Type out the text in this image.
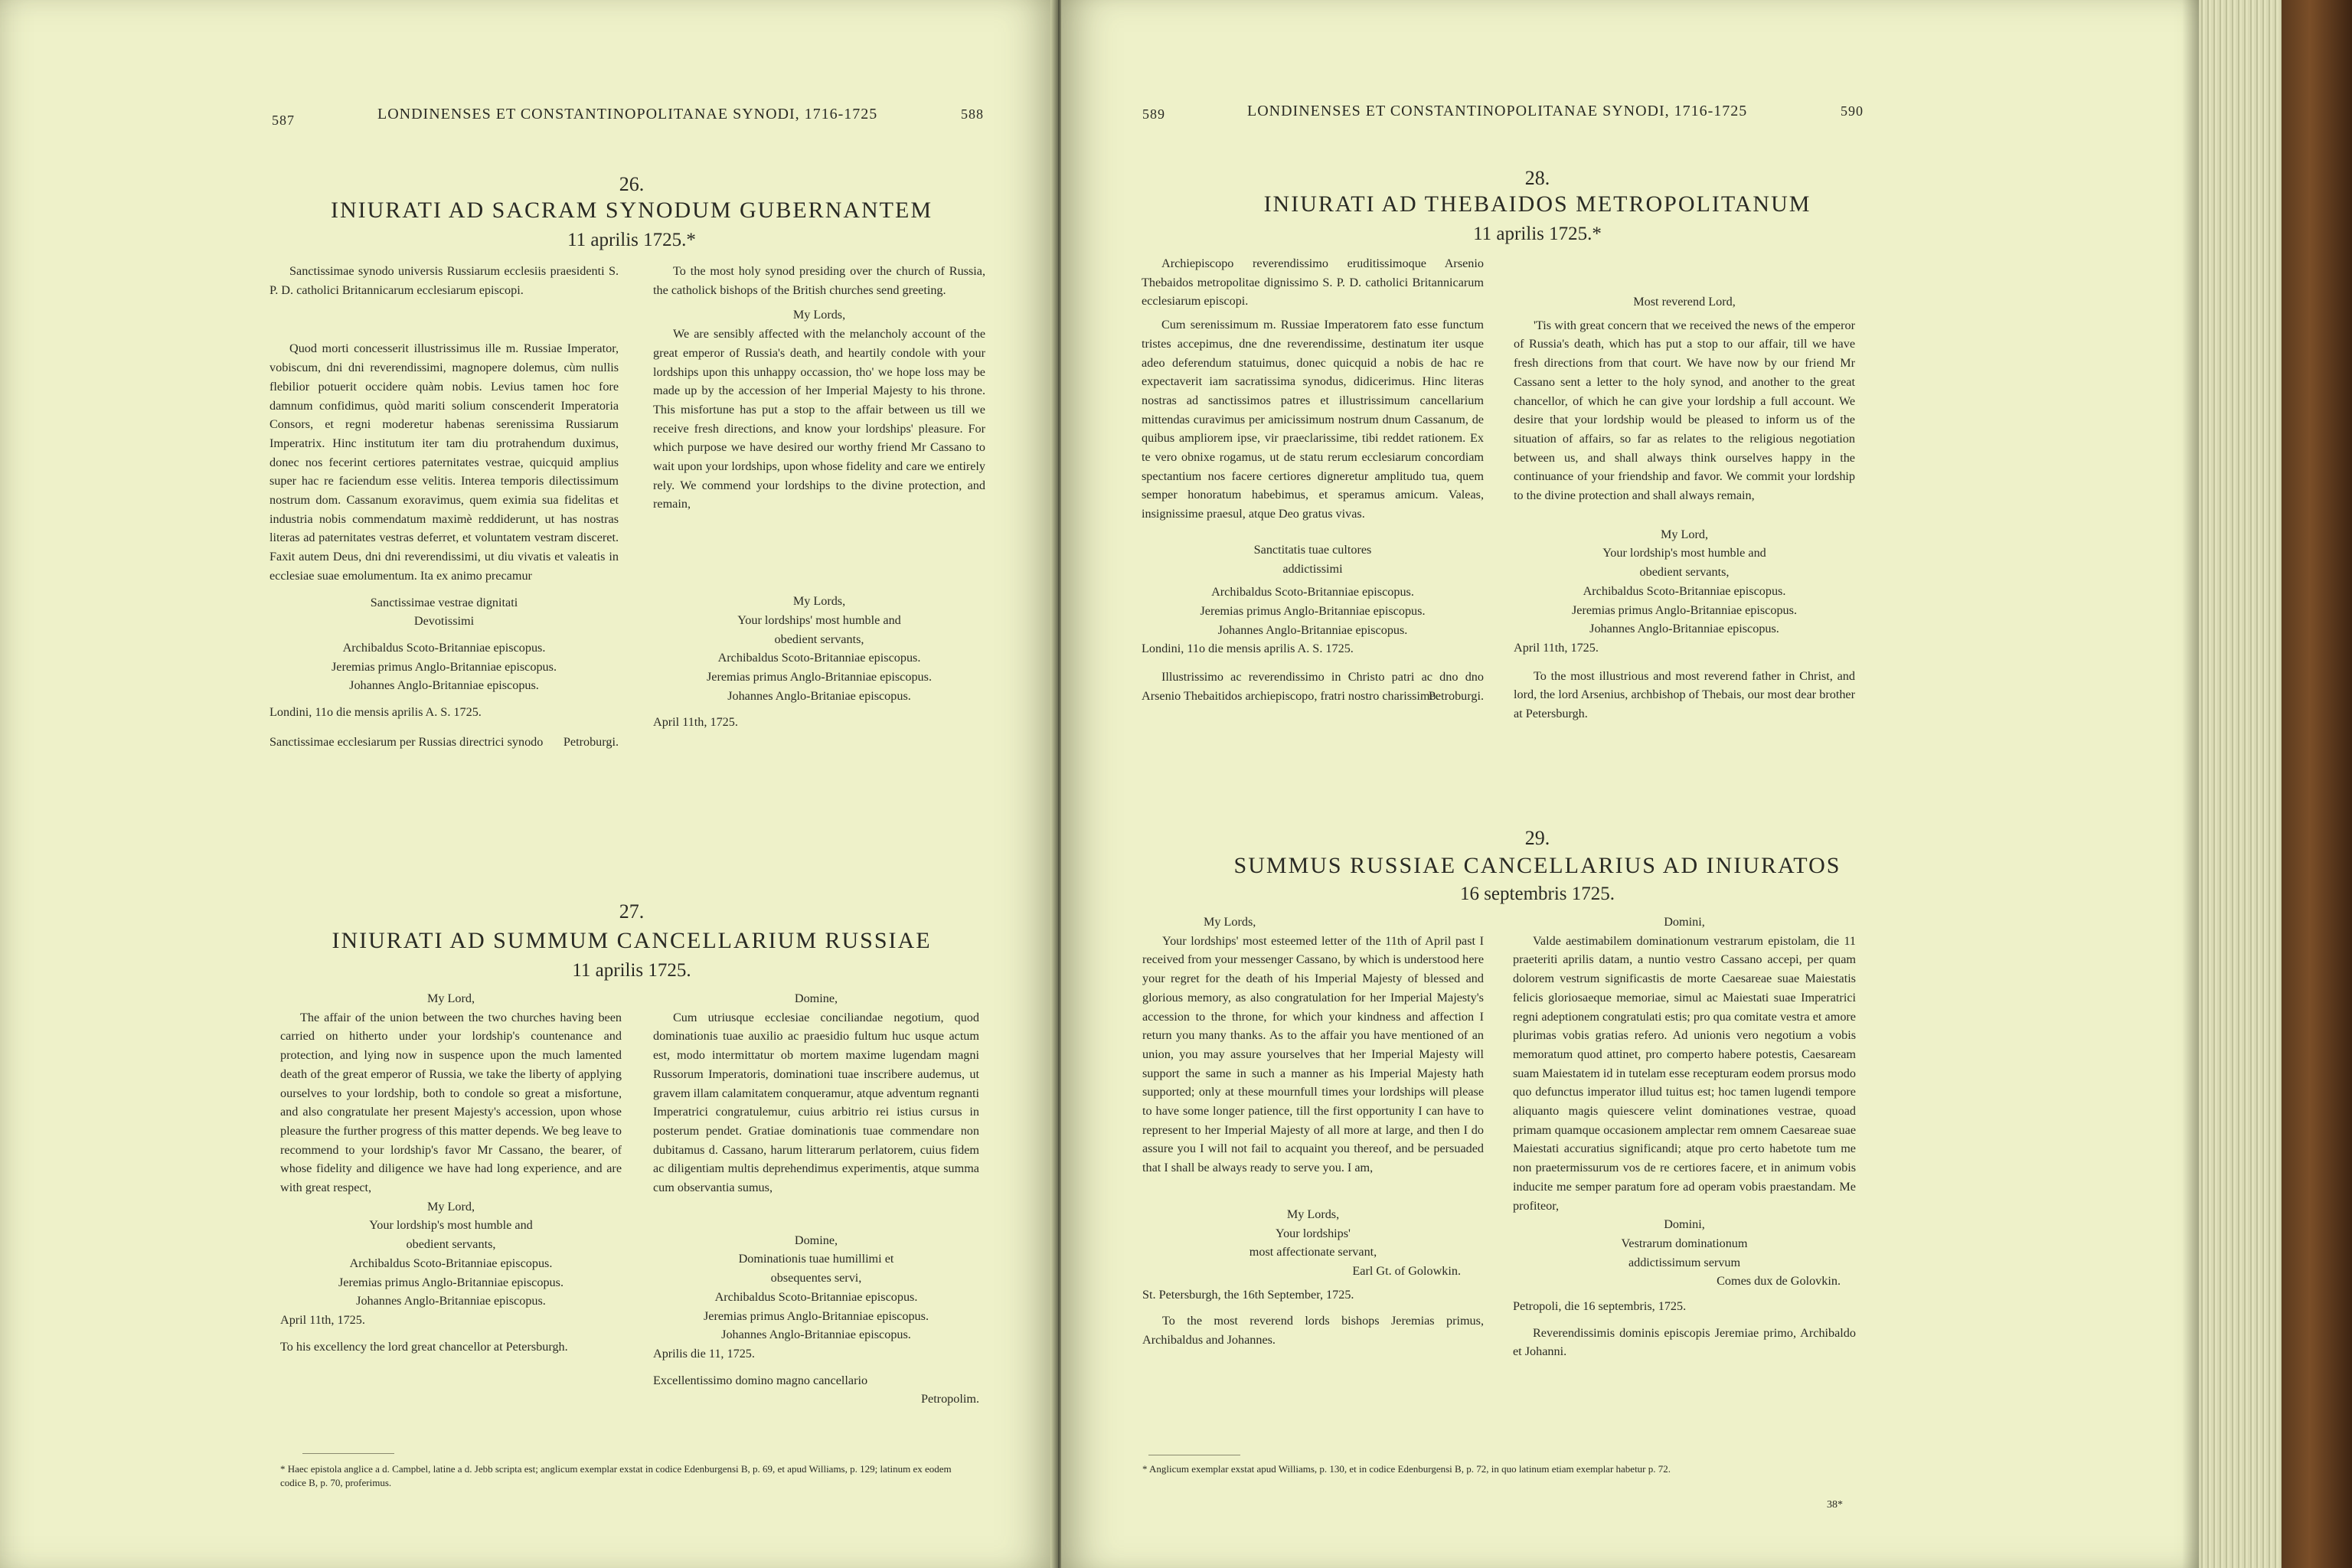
587	LONDINENSES ET CONSTANTINOPOLITANAE SYNODI, 1716-1725	588
26.
INIURATI AD SACRAM SYNODUM GUBERNANTEM
11 aprilis 1725.*

Sanctissimae synodo universis Russiarum ecclesiis praesidenti S. P. D. catholici Britannicarum ecclesiarum episcopi.

Quod morti concesserit illustrissimus ille m. Russiae Imperator, vobiscum, dni dni reverendissimi, magnopere dolemus, cùm nullis flebilior potuerit occidere quàm nobis. Levius tamen hoc fore damnum confidimus, quòd mariti solium conscenderit Imperatoria Consors, et regni moderetur habenas serenissima Russiarum Imperatrix. Hinc institutum iter tam diu protrahendum duximus, donec nos fecerint certiores paternitates vestrae, quicquid amplius super hac re faciendum esse velitis. Interea temporis dilectissimum nostrum dom. Cassanum exoravimus, quem eximia sua fidelitas et industria nobis commendatum maximè reddiderunt, ut has nostras literas ad paternitates vestras deferret, et voluntatem vestram disceret. Faxit autem Deus, dni dni reverendissimi, ut diu vivatis et valeatis in ecclesiae suae emolumentum. Ita ex animo precamur

Sanctissimae vestrae dignitati

Devotissimi

Archibaldus Scoto-Britanniae episcopus.

Jeremias primus Anglo-Britanniae episcopus.

Johannes Anglo-Britanniae episcopus.

Londini, 11o die mensis aprilis A. S. 1725.

Sanctissimae ecclesiarum per Russias directrici synodo	Petroburgi.

To the most holy synod presiding over the church of Russia, the catholick bishops of the British churches send greeting.

My Lords,

We are sensibly affected with the melancholy account of the great emperor of Russia's death, and heartily condole with your lordships upon this unhappy occassion, tho' we hope loss may be made up by the accession of her Imperial Majesty to his throne. This misfortune has put a stop to the affair between us till we receive fresh directions, and know your lordships' pleasure. For which purpose we have desired our worthy friend Mr Cassano to wait upon your lordships, upon whose fidelity and care we entirely rely. We commend your lordships to the divine protection, and remain,

My Lords,

Your lordships' most humble and

obedient servants,

Archibaldus Scoto-Britanniae episcopus.

Jeremias primus Anglo-Britanniae episcopus.

Johannes Anglo-Britaniae episcopus.

April 11th, 1725.

27.
INIURATI AD SUMMUM CANCELLARIUM RUSSIAE
11 aprilis 1725.

My Lord,

The affair of the union between the two churches having been carried on hitherto under your lordship's countenance and protection, and lying now in suspence upon the much lamented death of the great emperor of Russia, we take the liberty of applying ourselves to your lordship, both to condole so great a misfortune, and also congratulate her present Majesty's accession, upon whose pleasure the further progress of this matter depends. We beg leave to recommend to your lordship's favor Mr Cassano, the bearer, of whose fidelity and diligence we have had long experience, and are with great respect,

My Lord,

Your lordship's most humble and

obedient servants,

Archibaldus Scoto-Britanniae episcopus.

Jeremias primus Anglo-Britanniae episcopus.

Johannes Anglo-Britanniae episcopus.

April 11th, 1725.

To his excellency the lord great chancellor at Petersburgh.

Domine,

Cum utriusque ecclesiae conciliandae negotium, quod dominationis tuae auxilio ac praesidio fultum huc usque actum est, modo intermittatur ob mortem maxime lugendam magni Russorum Imperatoris, dominationi tuae inscribere audemus, ut gravem illam calamitatem conqueramur, atque adventum regnanti Imperatrici congratulemur, cuius arbitrio rei istius cursus in posterum pendet. Gratiae dominationis tuae commendare non dubitamus d. Cassano, harum litterarum perlatorem, cuius fidem ac diligentiam multis deprehendimus experimentis, atque summa cum observantia sumus,

Domine,

Dominationis tuae humillimi et

obsequentes servi,

Archibaldus Scoto-Britanniae episcopus.

Jeremias primus Anglo-Britanniae episcopus.

Johannes Anglo-Britanniae episcopus.

Aprilis die 11, 1725.

Excellentissimo domino magno cancellario

Petropolim.

* Haec epistola anglice a d. Campbel, latine a d. Jebb scripta est; anglicum exemplar exstat in codice Edenburgensi B, p. 69, et apud Williams, p. 129; latinum ex eodem codice B, p. 70, proferimus.
589	LONDINENSES ET CONSTANTINOPOLITANAE SYNODI, 1716-1725	590
28.
INIURATI AD THEBAIDOS METROPOLITANUM
11 aprilis 1725.*

Archiepiscopo reverendissimo eruditissimoque Arsenio Thebaidos metropolitae dignissimo S. P. D. catholici Britannicarum ecclesiarum episcopi.

Cum serenissimum m. Russiae Imperatorem fato esse functum tristes accepimus, dne dne reverendissime, destinatum iter usque adeo deferendum statuimus, donec quicquid a nobis de hac re expectaverit iam sacratissima synodus, didicerimus. Hinc literas nostras ad sanctissimos patres et illustrissimum cancellarium mittendas curavimus per amicissimum nostrum dnum Cassanum, de quibus ampliorem ipse, vir praeclarissime, tibi reddet rationem. Ex te vero obnixe rogamus, ut de statu rerum ecclesiarum concordiam spectantium nos facere certiores digneretur amplitudo tua, quem semper honoratum habebimus, et speramus amicum. Valeas, insignissime praesul, atque Deo gratus vivas.

Sanctitatis tuae cultores

addictissimi

Archibaldus Scoto-Britanniae episcopus.

Jeremias primus Anglo-Britanniae episcopus.

Johannes Anglo-Britanniae episcopus.

Londini, 11o die mensis aprilis A. S. 1725.

Illustrissimo ac reverendissimo in Christo patri ac dno dno Arsenio Thebaitidos archiepiscopo, fratri nostro charissimo.

Petroburgi.

Most reverend Lord,

'Tis with great concern that we received the news of the emperor of Russia's death, which has put a stop to our affair, till we have fresh directions from that court. We have now by our friend Mr Cassano sent a letter to the holy synod, and another to the great chancellor, of which he can give your lordship a full account. We desire that your lordship would be pleased to inform us of the situation of affairs, so far as relates to the religious negotiation between us, and shall always think ourselves happy in the continuance of your friendship and favor. We commit your lordship to the divine protection and shall always remain,

My Lord,

Your lordship's most humble and

obedient servants,

Archibaldus Scoto-Britanniae episcopus.

Jeremias primus Anglo-Britanniae episcopus.

Johannes Anglo-Britanniae episcopus.

April 11th, 1725.

To the most illustrious and most reverend father in Christ, and lord, the lord Arsenius, archbishop of Thebais, our most dear brother at Petersburgh.

29.
SUMMUS RUSSIAE CANCELLARIUS AD INIURATOS
16 septembris 1725.

My Lords,

Your lordships' most esteemed letter of the 11th of April past I received from your messenger Cassano, by which is understood here your regret for the death of his Imperial Majesty of blessed and glorious memory, as also congratulation for her Imperial Majesty's accession to the throne, for which your kindness and affection I return you many thanks. As to the affair you have mentioned of an union, you may assure yourselves that her Imperial Majesty will support the same in such a manner as his Imperial Majesty hath supported; only at these mournfull times your lordships will please to have some longer patience, till the first opportunity I can have to represent to her Imperial Majesty of all more at large, and then I do assure you I will not fail to acquaint you thereof, and be persuaded that I shall be always ready to serve you. I am,

My Lords,

Your lordships'

most affectionate servant,

Earl Gt. of Golowkin.

St. Petersburgh, the 16th September, 1725.

To the most reverend lords bishops Jeremias primus, Archibaldus and Johannes.

Domini,

Valde aestimabilem dominationum vestrarum epistolam, die 11 praeteriti aprilis datam, a nuntio vestro Cassano accepi, per quam dolorem vestrum significastis de morte Caesareae suae Maiestatis felicis gloriosaeque memoriae, simul ac Maiestati suae Imperatrici regni adeptionem congratulati estis; pro qua comitate vestra et amore plurimas vobis gratias refero. Ad unionis vero negotium a vobis memoratum quod attinet, pro comperto habere potestis, Caesaream suam Maiestatem id in tutelam esse recepturam eodem prorsus modo quo defunctus imperator illud tuitus est; hoc tamen lugendi tempore aliquanto magis quiescere velint dominationes vestrae, quoad primam quamque occasionem amplectar rem omnem Caesareae suae Maiestati accuratius significandi; atque pro certo habetote tum me non praetermissurum vos de re certiores facere, et in animum vobis inducite me semper paratum fore ad operam vobis praestandam. Me profiteor,

Domini,

Vestrarum dominationum

addictissimum servum

Comes dux de Golovkin.

Petropoli, die 16 septembris, 1725.

Reverendissimis dominis episcopis Jeremiae primo, Archibaldo et Johanni.

* Anglicum exemplar exstat apud Williams, p. 130, et in codice Edenburgensi B, p. 72, in quo latinum etiam exemplar habetur p. 72.
38*
